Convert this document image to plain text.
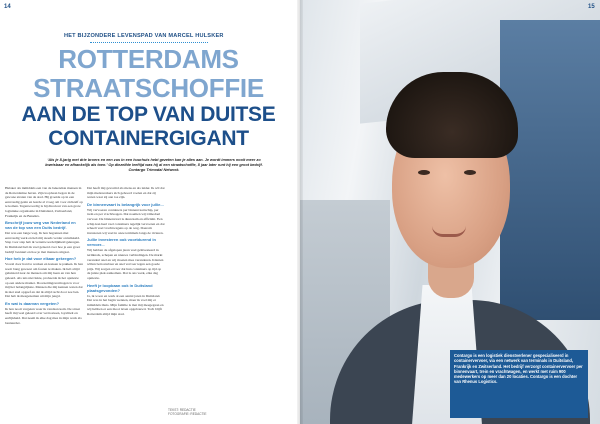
14
HET BIJZONDERE LEVENSPAD VAN MARCEL HULSKER
ROTTERDAMS
STRAATSCHOFFIE
AAN DE TOP VAN DUITSE
CONTAINERGIGANT
‘Als je 8-jarig met drie broers en een zus in een huurhuis hebt gezeten kan je alles aan. Je wordt immers nooit meer zo kwetsbaar en afhankelijk als toen.’ Op diezelfde leeftijd was hij al een straatschoffie, 8 jaar later runt hij een groot bedrijf. Contargo Trimodal Network.

Hulsker als inmiddels een van de bekendste mensen in de Rotterdamse haven. Zijn loopbaan begon in de gewone straten van de stad. Hij groeide op in een eenvoudig gezin en leerde al vroeg om voor zichzelf op te komen. Tegenwoordig is hij directeur van een grote logistieke organisatie in Duitsland, Zwitserland, Frankrijk en de Benelux.

Beschrijf jouw weg van Nederland en van de top van een Duits bedrijf.

Dat was een lange weg. Ik ben begonnen met eenvoudig werk en heb mij steeds verder ontwikkeld. Stap voor stap heb ik verantwoordelijkheid gekregen. In Duitsland heb ik veel geleerd over hoe je een groot bedrijf bestuurt en hoe je met mensen omgaat.

Hoe heb je dat voor elkaar gekregen?

Vooral door hard te werken en kansen te pakken. Ik ben nooit bang geweest om fouten te maken. Ik heb altijd geluisterd naar de mensen om mij heen en van hen geleerd. Als iets niet lukte, probeerde ik het opnieuw op een andere manier. Doorzettingsvermogen is voor mij het belangrijkste. Mensen die mij kennen weten dat ik niet snel opgeef en dat ik altijd recht door zee ben. Dat heb ik meegenomen uit mijn jeugd.

En wat is daarvan vergeten?

Ik ben nooit vergeten waar ik vandaan kom. De straat heeft mij veel geleerd over vertrouwen, loyaliteit en eerlijkheid. Dat neem ik elke dag mee in mijn werk als bestuurder.

Dat heeft mij gevormd als mens en als leider. Ik wil dat mijn medewerkers zich gehoord voelen en dat zij weten waar zij aan toe zijn.

De binnenvaart is belangrijk voor jullie...

Wij vervoeren containers per binnenvaartschip, per trein en per vrachtwagen. Dat noemen wij trimodaal vervoer. De binnenvaart is duurzaam en efficiënt. Een schip kan heel veel containers tegelijk vervoeren en dat scheelt veel vrachtwagens op de weg. Daarom investeren wij veel in onze terminals langs de rivieren.

Jullie investeren ook voortdurend in vervoer...

Wij hebben de afgelopen jaren veel geïnvesteerd in terminals, schepen en nieuwe verbindingen. De markt verandert snel en wij moeten mee veranderen. Klanten willen betrouwbaar en snel vervoer tegen een goede prijs. Wij zorgen ervoor dat hun containers op tijd op de juiste plek aankomen. Dat is ons werk, elke dag opnieuw.

Heeft je loopbaan ook in Duitsland plaatsgevonden?

Ja, ik woon en werk al een aantal jaren in Duitsland. Dat was in het begin wennen, maar ik voel mij er inmiddels thuis. Mijn familie is met mij meegegaan en wij hebben er een mooi leven opgebouwd. Toch blijft Rotterdam altijd mijn stad.

Contargo is een logistiek dienstverlener gespecialiseerd in containervervoer, via een netwerk van terminals in Duitsland, Frankrijk en Zwitserland. Het bedrijf verzorgt containervervoer per binnenvaart, trein en vrachtwagen, en werkt met ruim 900 medewerkers op meer dan 20 locaties. Contargo is een dochter van Rhenus Logistics.
15
TEKST: REDACTIE
FOTOGRAFIE: REDACTIE
